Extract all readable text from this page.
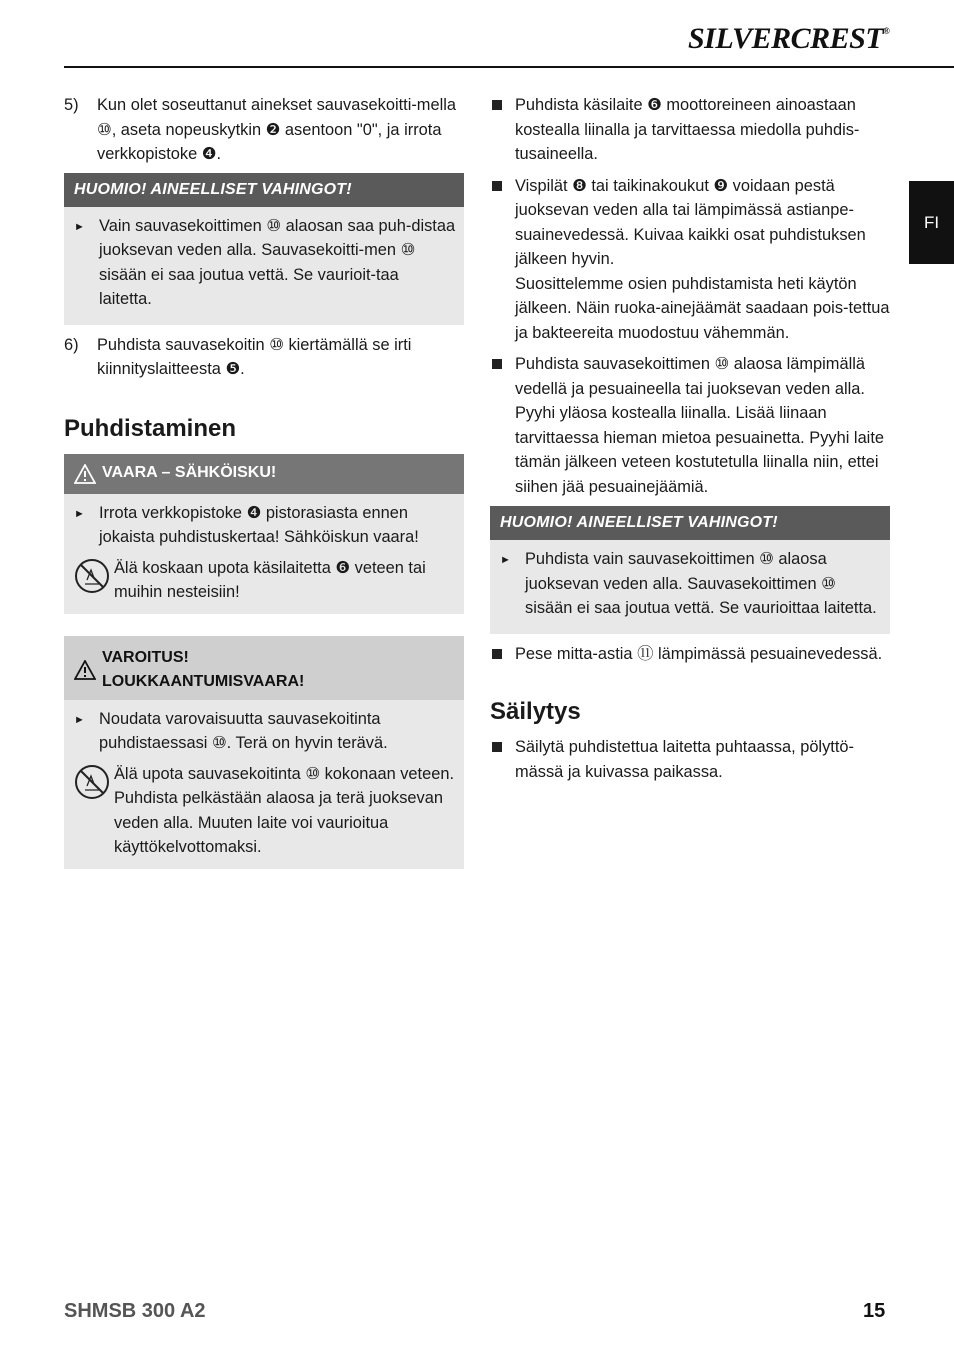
SILVERCREST®
FI
5)	Kun olet soseuttanut ainekset sauvasekoitti-mella ⑩, aseta nopeuskytkin ❷ asentoon "0", ja irrota verkkopistoke ❹.

HUOMIO! AINEELLISET VAHINGOT!
► Vain sauvasekoittimen ⑩ alaosan saa puh-distaa juoksevan veden alla. Sauvasekoitti-men ⑩ sisään ei saa joutua vettä. Se vaurioit-taa laitetta.

6)	Puhdista sauvasekoitin ⑩ kiertämällä se irti kiinnityslaitteesta ❺.

Puhdistaminen
VAARA – SÄHKÖISKU!
► Irrota verkkopistoke ❹ pistorasiasta ennen jokaista puhdistuskertaa! Sähköiskun vaara!

Älä koskaan upota käsilaitetta ❻ veteen tai muihin nesteisiin!

VAROITUS!
LOUKKAANTUMISVAARA!
► Noudata varovaisuutta sauvasekoitinta puhdistaessasi ⑩. Terä on hyvin terävä.

Älä upota sauvasekoitinta ⑩ kokonaan veteen. Puhdista pelkästään alaosa ja terä juoksevan veden alla. Muuten laite voi vaurioitua käyttökelvottomaksi.

Puhdista käsilaite ❻ moottoreineen ainoastaan kostealla liinalla ja tarvittaessa miedolla puhdis-tusaineella.

Vispilät ❽ tai taikinakoukut ❾ voidaan pestä juoksevan veden alla tai lämpimässä astianpe-suainevedessä. Kuivaa kaikki osat puhdistuksen jälkeen hyvin.

Suosittelemme osien puhdistamista heti käytön jälkeen. Näin ruoka-ainejäämät saadaan pois-tettua ja bakteereita muodostuu vähemmän.

Puhdista sauvasekoittimen ⑩ alaosa lämpimällä vedellä ja pesuaineella tai juoksevan veden alla. Pyyhi yläosa kostealla liinalla. Lisää liinaan tarvittaessa hieman mietoa pesuainetta. Pyyhi laite tämän jälkeen veteen kostutetulla liinalla niin, ettei siihen jää pesuainejäämiä.

HUOMIO! AINEELLISET VAHINGOT!
► Puhdista vain sauvasekoittimen ⑩ alaosa juoksevan veden alla. Sauvasekoittimen ⑩ sisään ei saa joutua vettä. Se vaurioittaa laitetta.

Pese mitta-astia ⑪ lämpimässä pesuainevedessä.

Säilytys

Säilytä puhdistettua laitetta puhtaassa, pölyttö-mässä ja kuivassa paikassa.

SHMSB 300 A2	15
